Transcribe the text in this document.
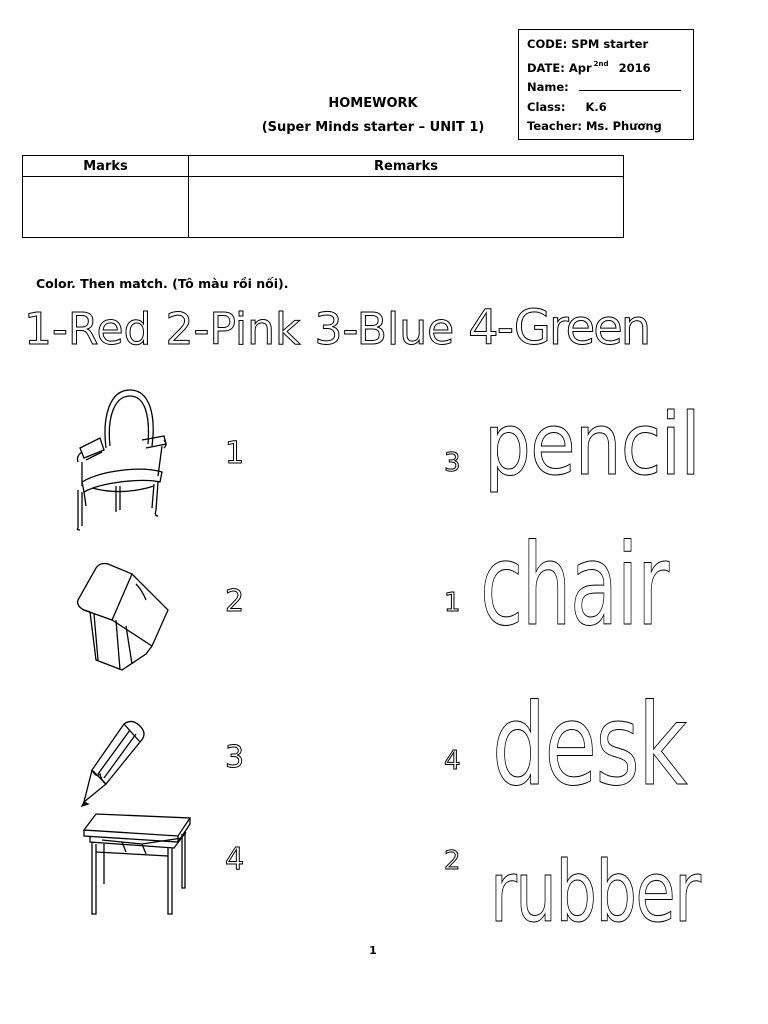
CODE: SPM starter
DATE: Apr $^{2nd}$ 2016
Name:
Class: K.6
Teacher: Ms. Phương
HOMEWORK
(Super Minds starter – UNIT 1)
Marks	Remarks

Color. Then match. (Tô màu rồi nối).
1-Red 2-Pink 3-Blue 4-Green
1
2
3
4
3
1
4
2
pencil
chair
desk
rubber
1
